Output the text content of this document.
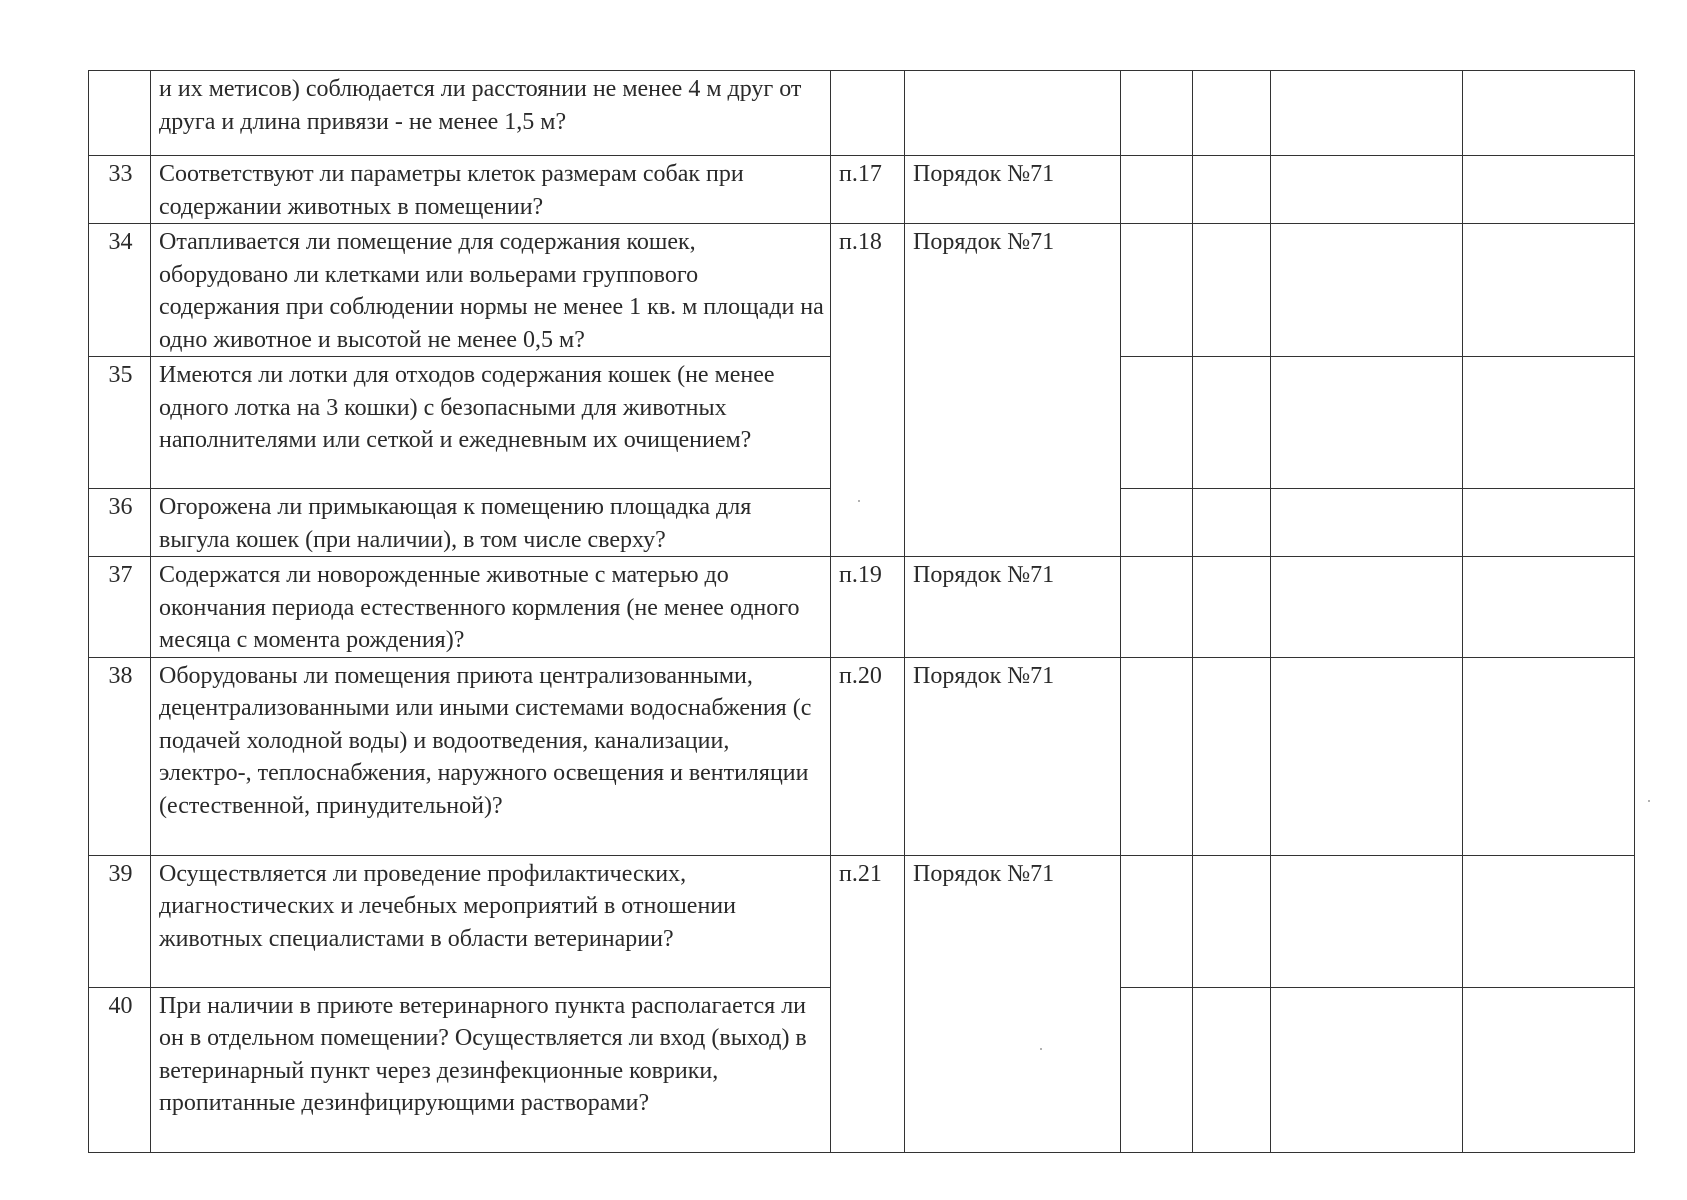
	и их метисов) соблюдается ли расстоянии не менее 4 м друг от друга и длина привязи - не менее 1,5 м?						
33	Соответствуют ли параметры клеток размерам собак при содержании животных в помещении?	п.17	Порядок №71				
34	Отапливается ли помещение для содержания кошек, оборудовано ли клетками или вольерами группового содержания при соблюдении нормы не менее 1 кв. м площади на одно животное и высотой не менее 0,5 м?	п.18	Порядок №71				
35	Имеются ли лотки для отходов содержания кошек (не менее одного лотка на 3 кошки) с безопасными для животных наполнителями или сеткой и ежедневным их очищением?						
36	Огорожена ли примыкающая к помещению площадка для выгула кошек (при наличии), в том числе сверху?						
37	Содержатся ли новорожденные животные с матерью до окончания периода естественного кормления (не менее одного месяца с момента рождения)?	п.19	Порядок №71				
38	Оборудованы ли помещения приюта централизованными, децентрализованными или иными системами водоснабжения (с подачей холодной воды) и водоотведения, канализации, электро-, теплоснабжения, наружного освещения и вентиляции (естественной, принудительной)?	п.20	Порядок №71				
39	Осуществляется ли проведение профилактических, диагностических и лечебных мероприятий в отношении животных специалистами в области ветеринарии?	п.21	Порядок №71				
40	При наличии в приюте ветеринарного пункта располагается ли он в отдельном помещении? Осуществляется ли вход (выход) в ветеринарный пункт через дезинфекционные коврики, пропитанные дезинфицирующими растворами?						
